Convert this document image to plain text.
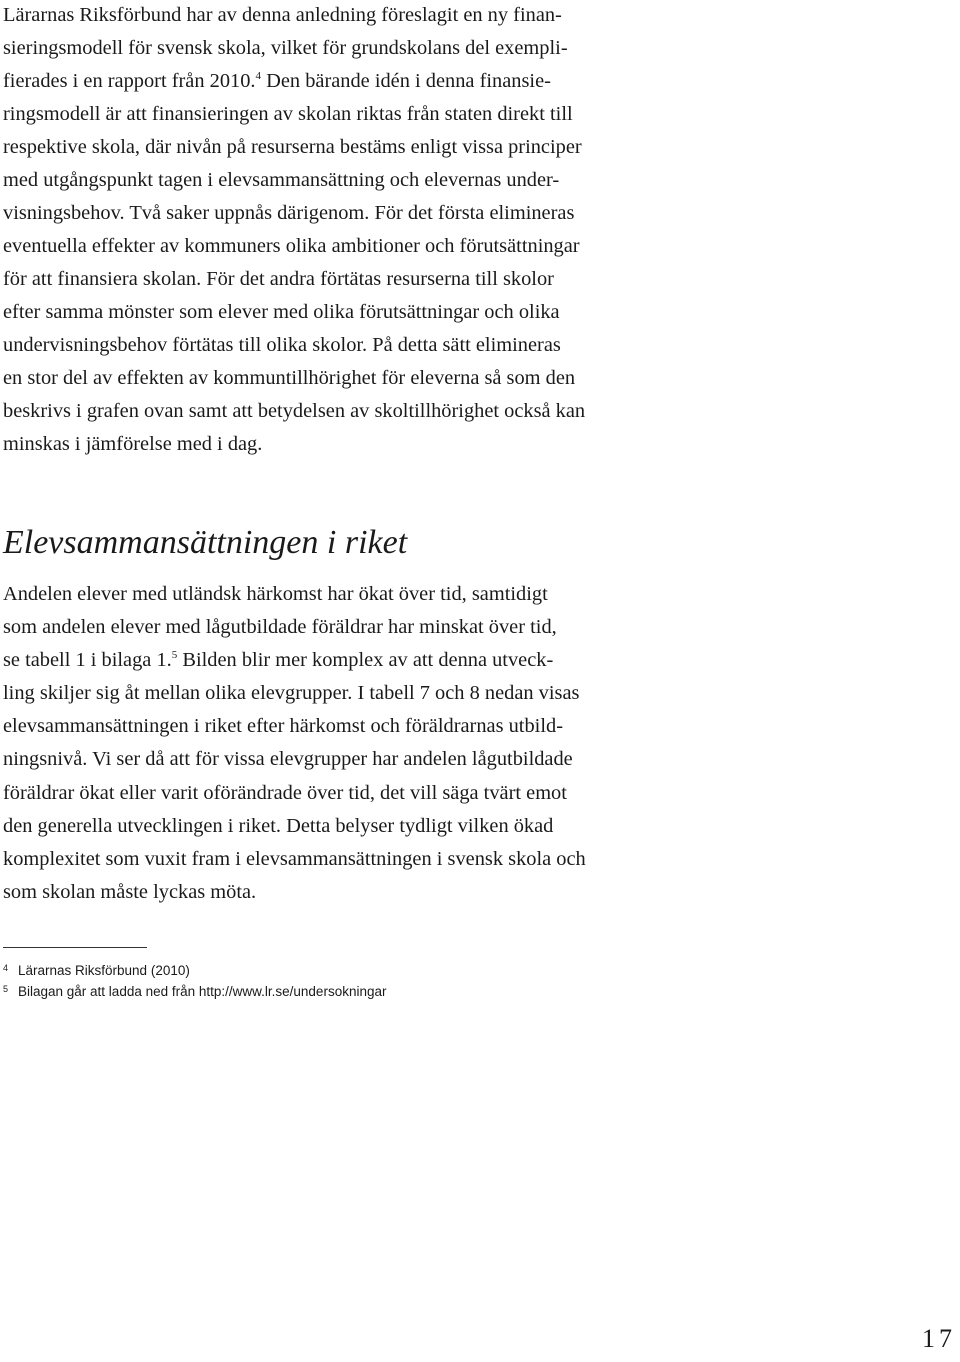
Lärarnas Riksförbund har av denna anledning föreslagit en ny finan-
sieringsmodell för svensk skola, vilket för grundskolans del exempli-
fierades i en rapport från 2010.$^4$ Den bärande idén i denna finansie-
ringsmodell är att finansieringen av skolan riktas från staten direkt till
respektive skola, där nivån på resurserna bestäms enligt vissa principer
med utgångspunkt tagen i elevsammansättning och elevernas under-
visningsbehov. Två saker uppnås därigenom. För det första elimineras
eventuella effekter av kommuners olika ambitioner och förutsättningar
för att finansiera skolan. För det andra förtätas resurserna till skolor
efter samma mönster som elever med olika förutsättningar och olika
undervisningsbehov förtätas till olika skolor. På detta sätt elimineras
en stor del av effekten av kommuntillhörighet för eleverna så som den
beskrivs i grafen ovan samt att betydelsen av skoltillhörighet också kan
minskas i jämförelse med i dag.
Elevsammansättningen i riket
Andelen elever med utländsk härkomst har ökat över tid, samtidigt
som andelen elever med lågutbildade föräldrar har minskat över tid,
se tabell 1 i bilaga 1.$^5$ Bilden blir mer komplex av att denna utveck-
ling skiljer sig åt mellan olika elevgrupper. I tabell 7 och 8 nedan visas
elevsammansättningen i riket efter härkomst och föräldrarnas utbild-
ningsnivå. Vi ser då att för vissa elevgrupper har andelen lågutbildade
föräldrar ökat eller varit oförändrade över tid, det vill säga tvärt emot
den generella utvecklingen i riket. Detta belyser tydligt vilken ökad
komplexitet som vuxit fram i elevsammansättningen i svensk skola och
som skolan måste lyckas möta.
4 Lärarnas Riksförbund (2010)
5 Bilagan går att ladda ned från http://www.lr.se/undersokningar
17
